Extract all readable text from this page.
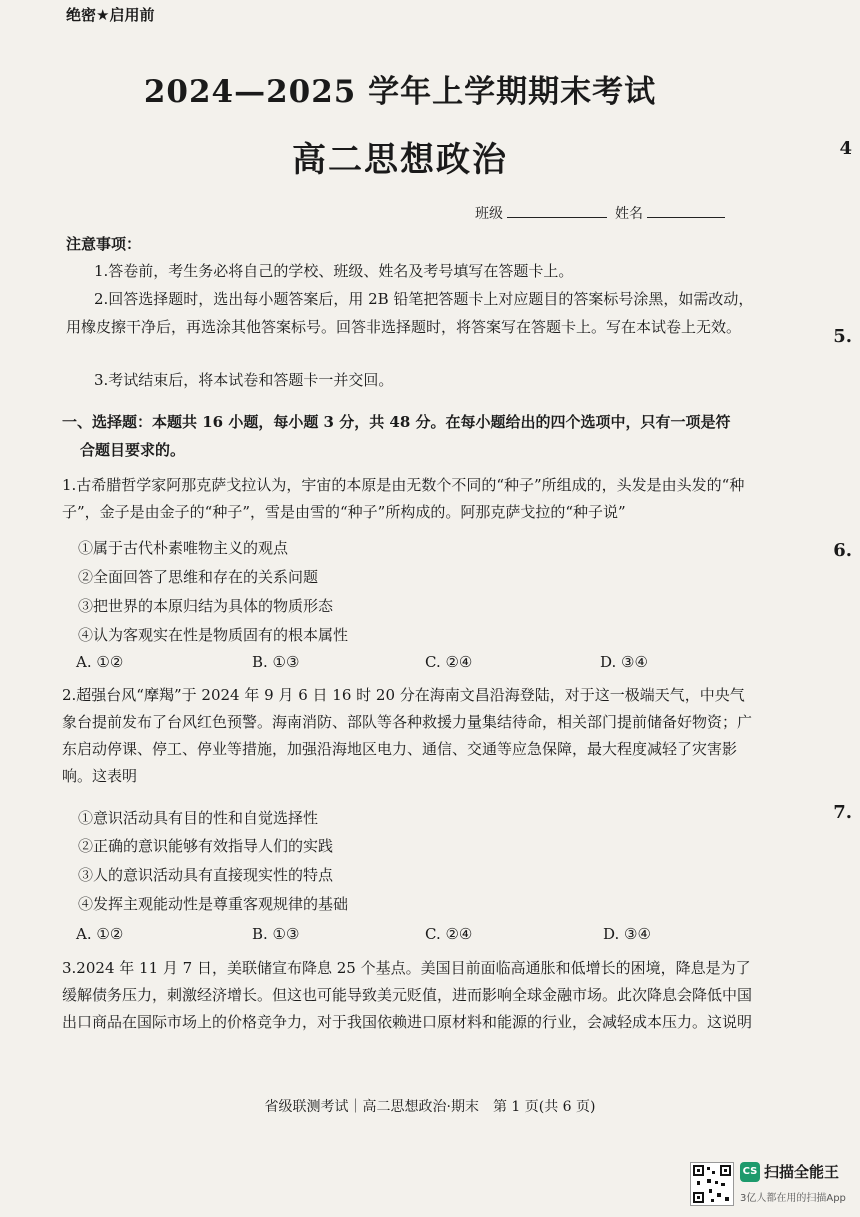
绝密★启用前
2024—2025 学年上学期期末考试
高二思想政治
班级	姓名
注意事项：
1.答卷前，考生务必将自己的学校、班级、姓名及考号填写在答题卡上。
2.回答选择题时，选出每小题答案后，用 2B 铅笔把答题卡上对应题目的答案标号涂黑，如需改动，用橡皮擦干净后，再选涂其他答案标号。回答非选择题时，将答案写在答题卡上。写在本试卷上无效。
3.考试结束后，将本试卷和答题卡一并交回。
一、选择题：本题共 16 小题，每小题 3 分，共 48 分。在每小题给出的四个选项中，只有一项是符
合题目要求的。
1.古希腊哲学家阿那克萨戈拉认为，宇宙的本原是由无数个不同的“种子”所组成的，头发是由头发的“种子”，金子是由金子的“种子”，雪是由雪的“种子”所构成的。阿那克萨戈拉的“种子说”
①属于古代朴素唯物主义的观点
②全面回答了思维和存在的关系问题
③把世界的本原归结为具体的物质形态
④认为客观实在性是物质固有的根本属性
A. ①②	B. ①③	C. ②④	D. ③④
2.超强台风“摩羯”于 2024 年 9 月 6 日 16 时 20 分在海南文昌沿海登陆，对于这一极端天气，中央气象台提前发布了台风红色预警。海南消防、部队等各种救援力量集结待命，相关部门提前储备好物资；广东启动停课、停工、停业等措施，加强沿海地区电力、通信、交通等应急保障，最大程度减轻了灾害影响。这表明
①意识活动具有目的性和自觉选择性
②正确的意识能够有效指导人们的实践
③人的意识活动具有直接现实性的特点
④发挥主观能动性是尊重客观规律的基础
A. ①②	B. ①③	C. ②④	D. ③④
3.2024 年 11 月 7 日，美联储宣布降息 25 个基点。美国目前面临高通胀和低增长的困境，降息是为了缓解债务压力，刺激经济增长。但这也可能导致美元贬值，进而影响全球金融市场。此次降息会降低中国出口商品在国际市场上的价格竞争力，对于我国依赖进口原材料和能源的行业，会减轻成本压力。这说明
省级联测考试｜高二思想政治·期末　第 1 页(共 6 页)
4
5.
6.
7.
CS 扫描全能王
3亿人都在用的扫描App
